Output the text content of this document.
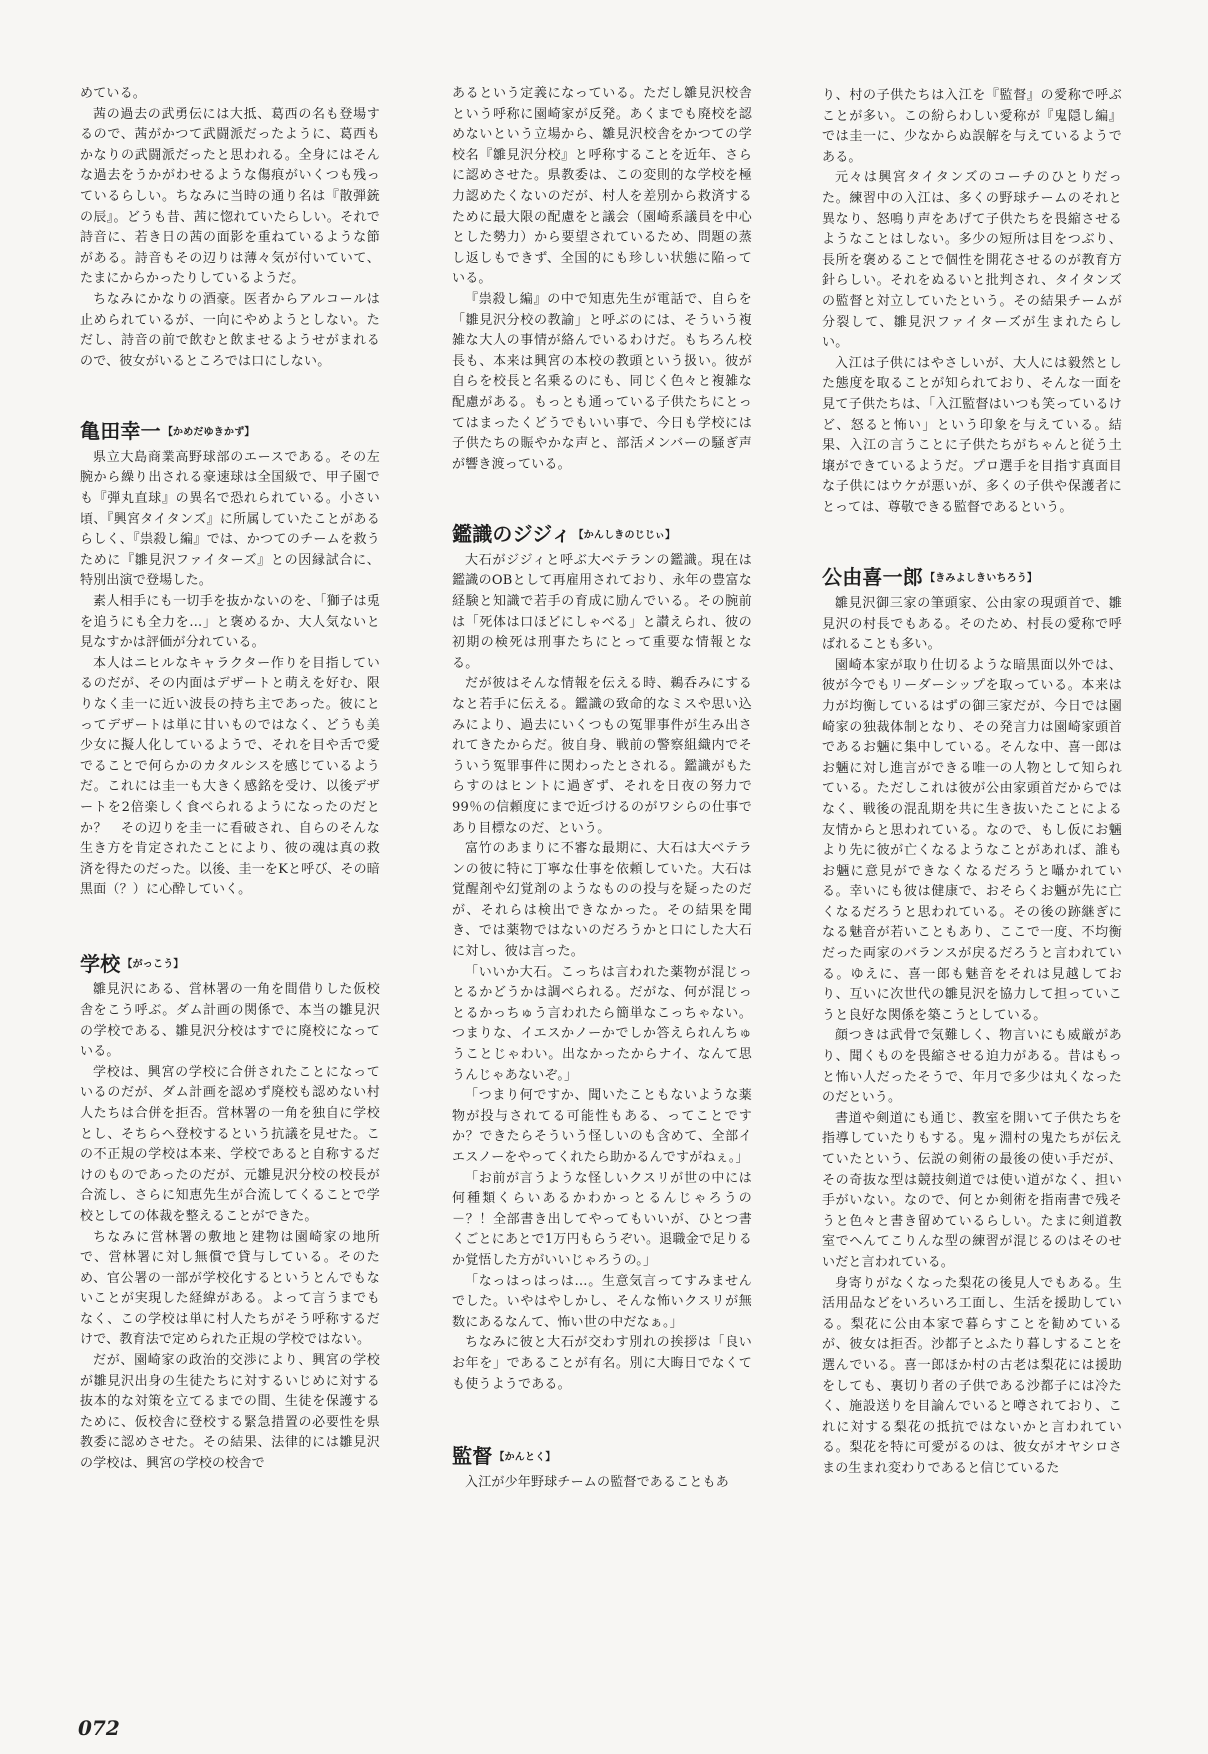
めている。

茜の過去の武勇伝には大抵、葛西の名も登場するので、茜がかつて武闘派だったように、葛西もかなりの武闘派だったと思われる。全身にはそんな過去をうかがわせるような傷痕がいくつも残っているらしい。ちなみに当時の通り名は『散弾銃の辰』。どうも昔、茜に惚れていたらしい。それで詩音に、若き日の茜の面影を重ねているような節がある。詩音もその辺りは薄々気が付いていて、たまにからかったりしているようだ。

ちなみにかなりの酒豪。医者からアルコールは止められているが、一向にやめようとしない。ただし、詩音の前で飲むと飲ませるようせがまれるので、彼女がいるところでは口にしない。

亀田幸一 【かめだゆきかず】

県立大島商業高野球部のエースである。その左腕から繰り出される豪速球は全国級で、甲子園でも『弾丸直球』の異名で恐れられている。小さい頃、『興宮タイタンズ』に所属していたことがあるらしく、『祟殺し編』では、かつてのチームを救うために『雛見沢ファイターズ』との因縁試合に、特別出演で登場した。

素人相手にも一切手を抜かないのを、「獅子は兎を追うにも全力を…」と褒めるか、大人気ないと見なすかは評価が分れている。

本人はニヒルなキャラクター作りを目指しているのだが、その内面はデザートと萌えを好む、限りなく圭一に近い波長の持ち主であった。彼にとってデザートは単に甘いものではなく、どうも美少女に擬人化しているようで、それを目や舌で愛でることで何らかのカタルシスを感じているようだ。これには圭一も大きく感銘を受け、以後デザートを2倍楽しく食べられるようになったのだとか？　その辺りを圭一に看破され、自らのそんな生き方を肯定されたことにより、彼の魂は真の救済を得たのだった。以後、圭一をKと呼び、その暗黒面（？）に心酔していく。

学校 【がっこう】

雛見沢にある、営林署の一角を間借りした仮校舎をこう呼ぶ。ダム計画の関係で、本当の雛見沢の学校である、雛見沢分校はすでに廃校になっている。

学校は、興宮の学校に合併されたことになっているのだが、ダム計画を認めず廃校も認めない村人たちは合併を拒否。営林署の一角を独自に学校とし、そちらへ登校するという抗議を見せた。この不正規の学校は本来、学校であると自称するだけのものであったのだが、元雛見沢分校の校長が合流し、さらに知恵先生が合流してくることで学校としての体裁を整えることができた。

ちなみに営林署の敷地と建物は園崎家の地所で、営林署に対し無償で貸与している。そのため、官公署の一部が学校化するというとんでもないことが実現した経緯がある。よって言うまでもなく、この学校は単に村人たちがそう呼称するだけで、教育法で定められた正規の学校ではない。

だが、園崎家の政治的交渉により、興宮の学校が雛見沢出身の生徒たちに対するいじめに対する抜本的な対策を立てるまでの間、生徒を保護するために、仮校舎に登校する緊急措置の必要性を県教委に認めさせた。その結果、法律的には雛見沢の学校は、興宮の学校の校舎で

あるという定義になっている。ただし雛見沢校舎という呼称に園崎家が反発。あくまでも廃校を認めないという立場から、雛見沢校舎をかつての学校名『雛見沢分校』と呼称することを近年、さらに認めさせた。県教委は、この変則的な学校を極力認めたくないのだが、村人を差別から救済するために最大限の配慮をと議会（園崎系議員を中心とした勢力）から要望されているため、問題の蒸し返しもできず、全国的にも珍しい状態に陥っている。

『祟殺し編』の中で知恵先生が電話で、自らを「雛見沢分校の教諭」と呼ぶのには、そういう複雑な大人の事情が絡んでいるわけだ。もちろん校長も、本来は興宮の本校の教頭という扱い。彼が自らを校長と名乗るのにも、同じく色々と複雑な配慮がある。もっとも通っている子供たちにとってはまったくどうでもいい事で、今日も学校には子供たちの賑やかな声と、部活メンバーの騒ぎ声が響き渡っている。

鑑識のジジィ 【かんしきのじじぃ】

大石がジジィと呼ぶ大ベテランの鑑識。現在は鑑識のOBとして再雇用されており、永年の豊富な経験と知識で若手の育成に励んでいる。その腕前は「死体は口ほどにしゃべる」と讃えられ、彼の初期の検死は刑事たちにとって重要な情報となる。

だが彼はそんな情報を伝える時、鵜呑みにするなと若手に伝える。鑑識の致命的なミスや思い込みにより、過去にいくつもの冤罪事件が生み出されてきたからだ。彼自身、戦前の警察組織内でそういう冤罪事件に関わったとされる。鑑識がもたらすのはヒントに過ぎず、それを日夜の努力で99％の信頼度にまで近づけるのがワシらの仕事であり目標なのだ、という。

富竹のあまりに不審な最期に、大石は大ベテランの彼に特に丁寧な仕事を依頼していた。大石は覚醒剤や幻覚剤のようなものの投与を疑ったのだが、それらは検出できなかった。その結果を聞き、では薬物ではないのだろうかと口にした大石に対し、彼は言った。

「いいか大石。こっちは言われた薬物が混じっとるかどうかは調べられる。だがな、何が混じっとるかっちゅう言われたら簡単なこっちゃない。つまりな、イエスかノーかでしか答えられんちゅうことじゃわい。出なかったからナイ、なんて思うんじゃあないぞ。」

「つまり何ですか、聞いたこともないような薬物が投与されてる可能性もある、ってことですか？できたらそういう怪しいのも含めて、全部イエスノーをやってくれたら助かるんですがねぇ。」

「お前が言うような怪しいクスリが世の中には何種類くらいあるかわかっとるんじゃろうの－？！全部書き出してやってもいいが、ひとつ書くごとにあとで1万円もらうぞい。退職金で足りるか覚悟した方がいいじゃろうの。」

「なっはっはっは…。生意気言ってすみませんでした。いやはやしかし、そんな怖いクスリが無数にあるなんて、怖い世の中だなぁ。」

ちなみに彼と大石が交わす別れの挨拶は「良いお年を」であることが有名。別に大晦日でなくても使うようである。

監督 【かんとく】

入江が少年野球チームの監督であることもあ

り、村の子供たちは入江を『監督』の愛称で呼ぶことが多い。この紛らわしい愛称が『鬼隠し編』では圭一に、少なからぬ誤解を与えているようである。

元々は興宮タイタンズのコーチのひとりだった。練習中の入江は、多くの野球チームのそれと異なり、怒鳴り声をあげて子供たちを畏縮させるようなことはしない。多少の短所は目をつぶり、長所を褒めることで個性を開花させるのが教育方針らしい。それをぬるいと批判され、タイタンズの監督と対立していたという。その結果チームが分裂して、雛見沢ファイターズが生まれたらしい。

入江は子供にはやさしいが、大人には毅然とした態度を取ることが知られており、そんな一面を見て子供たちは、「入江監督はいつも笑っているけど、怒ると怖い」という印象を与えている。結果、入江の言うことに子供たちがちゃんと従う土壌ができているようだ。プロ選手を目指す真面目な子供にはウケが悪いが、多くの子供や保護者にとっては、尊敬できる監督であるという。

公由喜一郎 【きみよしきいちろう】

雛見沢御三家の筆頭家、公由家の現頭首で、雛見沢の村長でもある。そのため、村長の愛称で呼ばれることも多い。

園崎本家が取り仕切るような暗黒面以外では、彼が今でもリーダーシップを取っている。本来は力が均衡しているはずの御三家だが、今日では園崎家の独裁体制となり、その発言力は園崎家頭首であるお魎に集中している。そんな中、喜一郎はお魎に対し進言ができる唯一の人物として知られている。ただしこれは彼が公由家頭首だからではなく、戦後の混乱期を共に生き抜いたことによる友情からと思われている。なので、もし仮にお魎より先に彼が亡くなるようなことがあれば、誰もお魎に意見ができなくなるだろうと囁かれている。幸いにも彼は健康で、おそらくお魎が先に亡くなるだろうと思われている。その後の跡継ぎになる魅音が若いこともあり、ここで一度、不均衡だった両家のバランスが戻るだろうと言われている。ゆえに、喜一郎も魅音をそれは見越しており、互いに次世代の雛見沢を協力して担っていこうと良好な関係を築こうとしている。

顔つきは武骨で気難しく、物言いにも威厳があり、聞くものを畏縮させる迫力がある。昔はもっと怖い人だったそうで、年月で多少は丸くなったのだという。

書道や剣道にも通じ、教室を開いて子供たちを指導していたりもする。鬼ヶ淵村の鬼たちが伝えていたという、伝説の剣術の最後の使い手だが、その奇抜な型は競技剣道では使い道がなく、担い手がいない。なので、何とか剣術を指南書で残そうと色々と書き留めているらしい。たまに剣道教室でへんてこりんな型の練習が混じるのはそのせいだと言われている。

身寄りがなくなった梨花の後見人でもある。生活用品などをいろいろ工面し、生活を援助している。梨花に公由本家で暮らすことを勧めているが、彼女は拒否。沙都子とふたり暮しすることを選んでいる。喜一郎ほか村の古老は梨花には援助をしても、裏切り者の子供である沙都子には冷たく、施設送りを目論んでいると噂されており、これに対する梨花の抵抗ではないかと言われている。梨花を特に可愛がるのは、彼女がオヤシロさまの生まれ変わりであると信じているた

072
